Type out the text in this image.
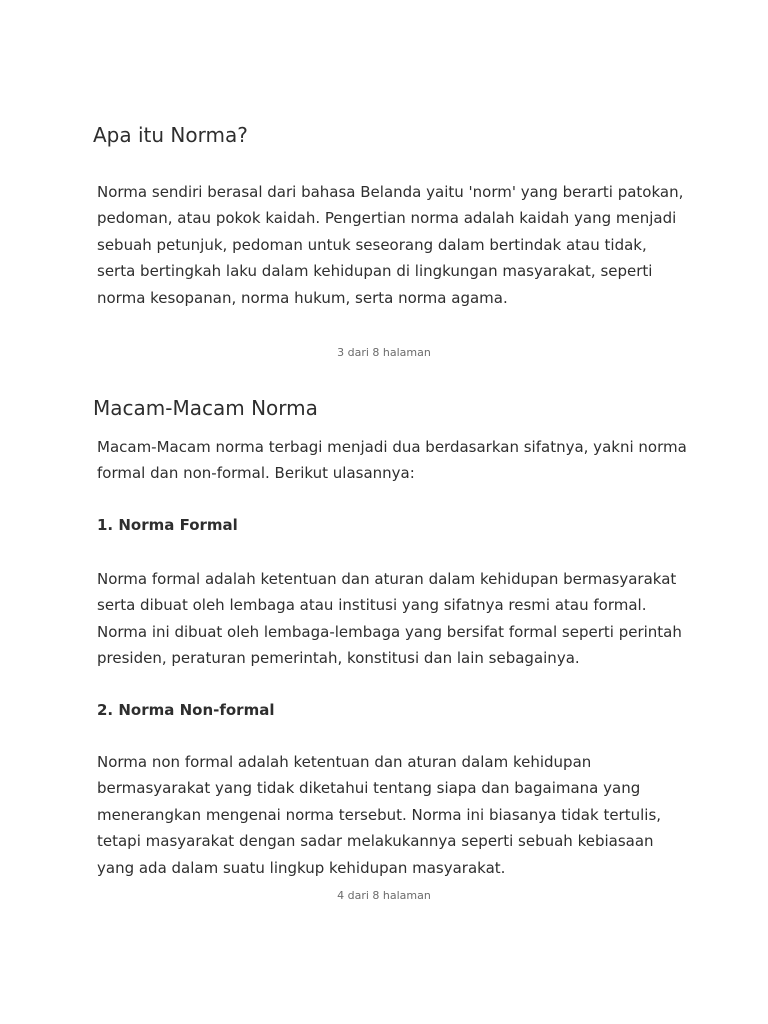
Apa itu Norma?

Norma sendiri berasal dari bahasa Belanda yaitu 'norm' yang berarti patokan, pedoman, atau pokok kaidah. Pengertian norma adalah kaidah yang menjadi sebuah petunjuk, pedoman untuk seseorang dalam bertindak atau tidak, serta bertingkah laku dalam kehidupan di lingkungan masyarakat, seperti norma kesopanan, norma hukum, serta norma agama.

3 dari 8 halaman
Macam-Macam Norma

Macam-Macam norma terbagi menjadi dua berdasarkan sifatnya, yakni norma formal dan non-formal. Berikut ulasannya:

1. Norma Formal

Norma formal adalah ketentuan dan aturan dalam kehidupan bermasyarakat serta dibuat oleh lembaga atau institusi yang sifatnya resmi atau formal. Norma ini dibuat oleh lembaga-lembaga yang bersifat formal seperti perintah presiden, peraturan pemerintah, konstitusi dan lain sebagainya.

2. Norma Non-formal

Norma non formal adalah ketentuan dan aturan dalam kehidupan bermasyarakat yang tidak diketahui tentang siapa dan bagaimana yang menerangkan mengenai norma tersebut. Norma ini biasanya tidak tertulis, tetapi masyarakat dengan sadar melakukannya seperti sebuah kebiasaan yang ada dalam suatu lingkup kehidupan masyarakat.

4 dari 8 halaman
